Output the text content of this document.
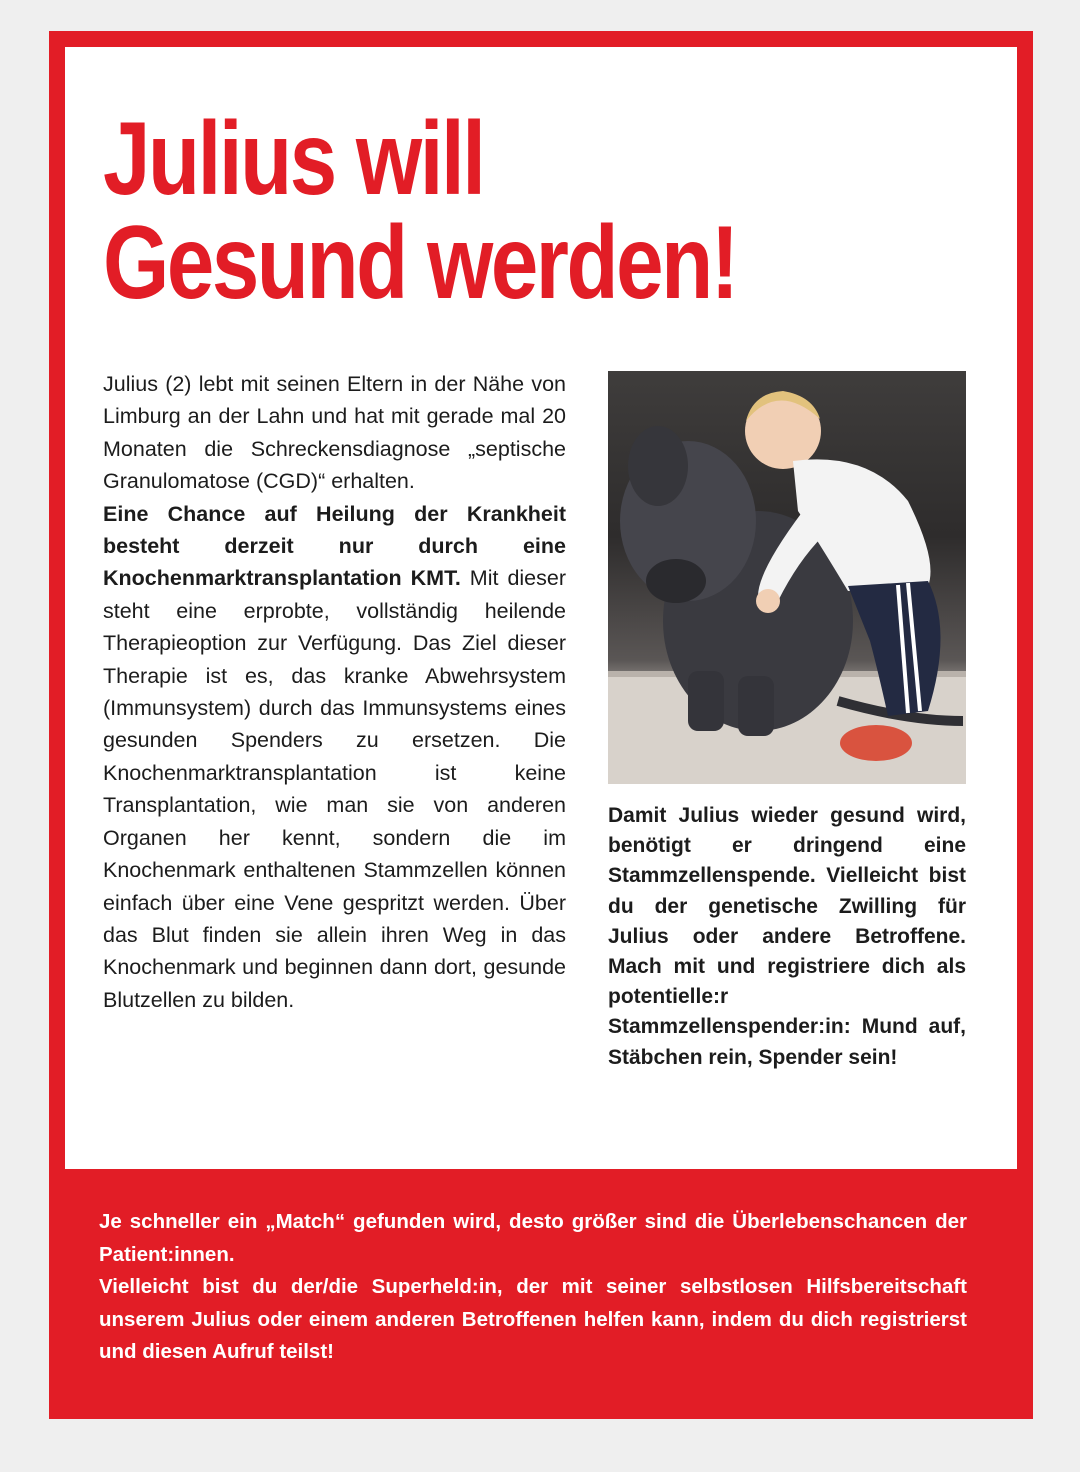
Julius will
Gesund werden!

Julius (2) lebt mit seinen Eltern in der Nähe von Limburg an der Lahn und hat mit gerade mal 20 Monaten die Schreckensdiagnose „septische Granulomatose (CGD)“ erhalten.
Eine Chance auf Heilung der Krankheit besteht derzeit nur durch eine Knochenmarktransplantation KMT. Mit dieser steht eine erprobte, vollständig heilende Therapieoption zur Verfügung. Das Ziel dieser Therapie ist es, das kranke Abwehrsystem (Immunsystem) durch das Immunsystems eines gesunden Spenders zu ersetzen. Die Knochenmarktransplantation ist keine Transplantation, wie man sie von anderen Organen her kennt, sondern die im Knochenmark enthaltenen Stammzellen können einfach über eine Vene gespritzt werden. Über das Blut finden sie allein ihren Weg in das Knochenmark und beginnen dann dort, gesunde Blutzellen zu bilden.

Damit Julius wieder gesund wird, benötigt er dringend eine Stammzellenspende. Vielleicht bist du der genetische Zwilling für Julius oder andere Betroffene. Mach mit und registriere dich als potentielle:r Stammzellenspender:in: Mund auf, Stäbchen rein, Spender sein!

Je schneller ein „Match“ gefunden wird, desto größer sind die Überlebenschancen der Patient:innen.
Vielleicht bist du der/die Superheld:in, der mit seiner selbstlosen Hilfsbereitschaft unserem Julius oder einem anderen Betroffenen helfen kann, indem du dich registrierst und diesen Aufruf teilst!
